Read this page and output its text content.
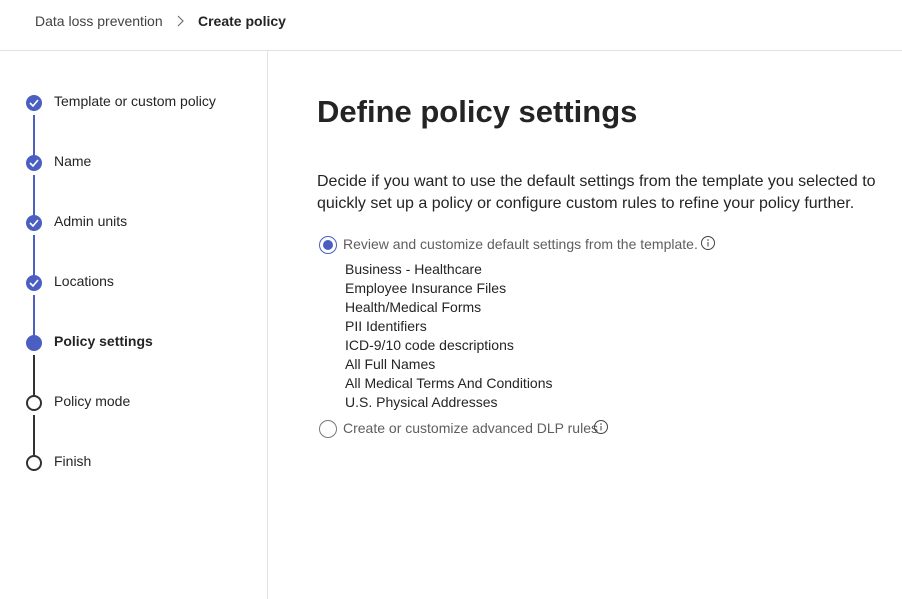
Data loss prevention	Create policy
Template or custom policy
Name
Admin units
Locations
Policy settings
Policy mode
Finish
Define policy settings

Decide if you want to use the default settings from the template you selected to quickly set up a policy or configure custom rules to refine your policy further.

Review and customize default settings from the template.
Business - Healthcare
Employee Insurance Files
Health/Medical Forms
PII Identifiers
ICD-9/10 code descriptions
All Full Names
All Medical Terms And Conditions
U.S. Physical Addresses
Create or customize advanced DLP rules
